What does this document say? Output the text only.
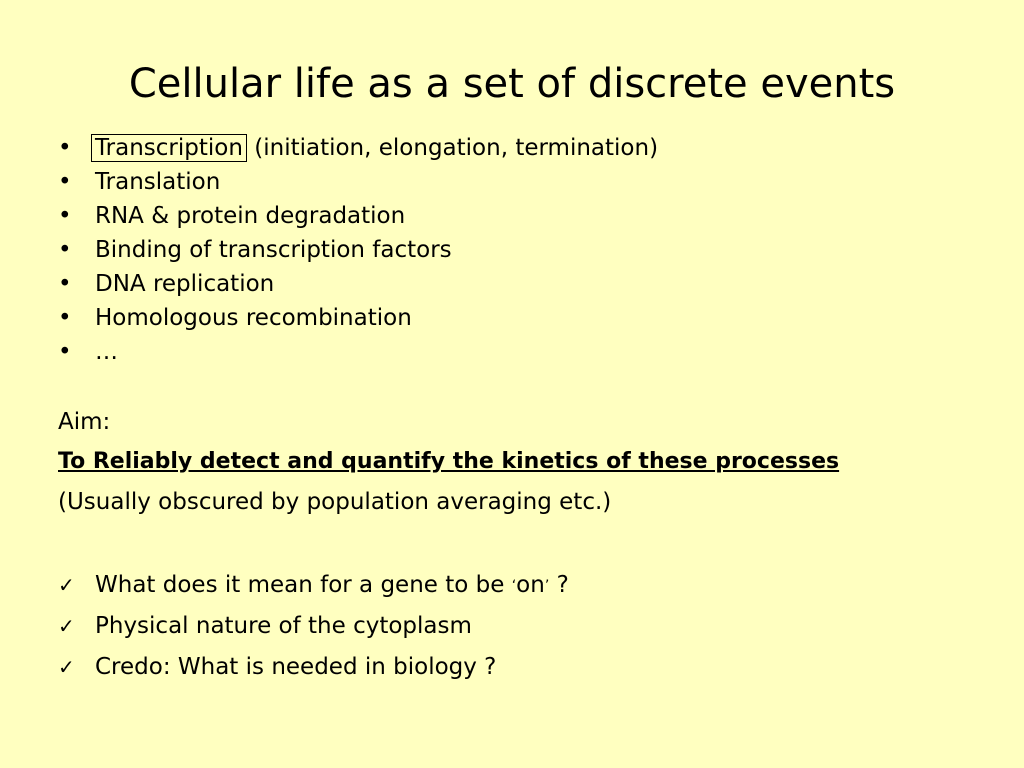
Cellular life as a set of discrete events
• Transcription (initiation, elongation, termination)
• Translation
• RNA & protein degradation
• Binding of transcription factors
• DNA replication
• Homologous recombination
• …
Aim:
To Reliably detect and quantify the kinetics of these processes
(Usually obscured by population averaging etc.)
✓ What does it mean for a gene to be ‘on’ ?
✓ Physical nature of the cytoplasm
✓ Credo: What is needed in biology ?
